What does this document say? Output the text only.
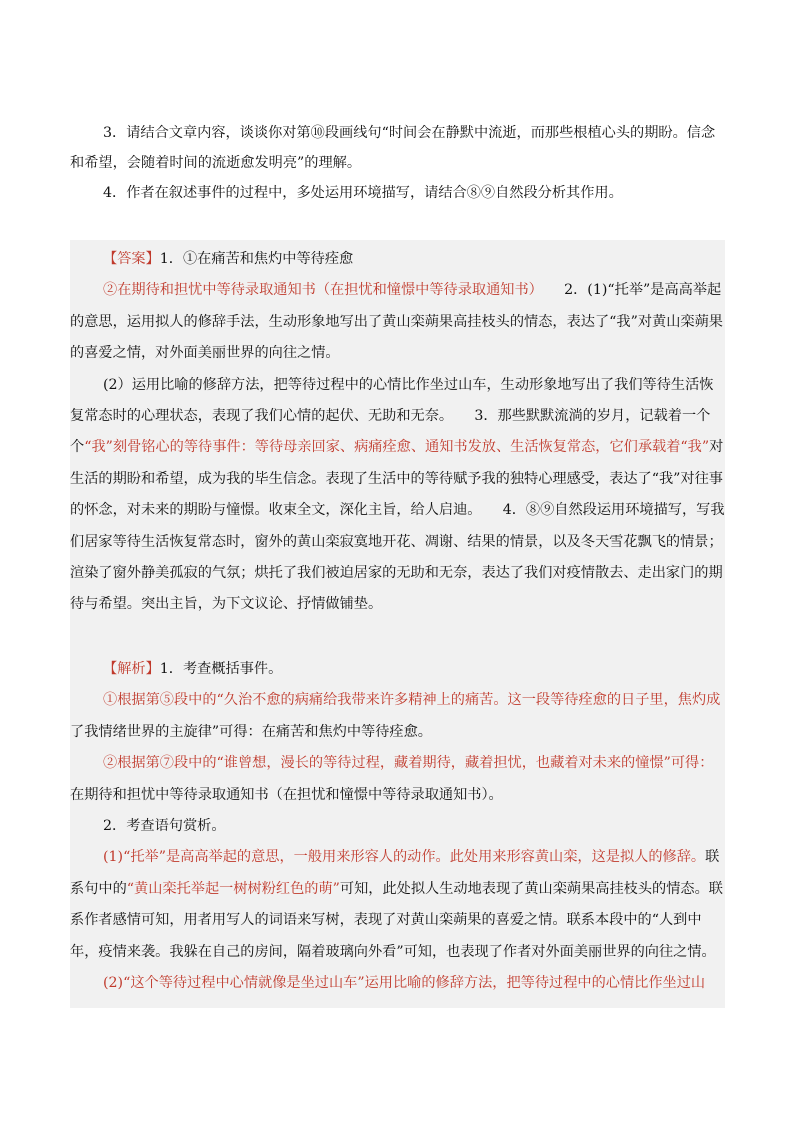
3．请结合文章内容，谈谈你对第⑩段画线句“时间会在静默中流逝，而那些根植心头的期盼。信念和希望，会随着时间的流逝愈发明亮”的理解。

4．作者在叙述事件的过程中，多处运用环境描写，请结合⑧⑨自然段分析其作用。

【答案】1．①在痛苦和焦灼中等待痊愈

②在期待和担忧中等待录取通知书（在担忧和憧憬中等待录取通知书）　　2．(1)“托举”是高高举起的意思，运用拟人的修辞手法，生动形象地写出了黄山栾蒴果高挂枝头的情态，表达了“我”对黄山栾蒴果的喜爱之情，对外面美丽世界的向往之情。

(2）运用比喻的修辞方法，把等待过程中的心情比作坐过山车，生动形象地写出了我们等待生活恢复常态时的心理状态，表现了我们心情的起伏、无助和无奈。　　3．那些默默流淌的岁月，记载着一个个“我”刻骨铭心的等待事件：等待母亲回家、病痛痊愈、通知书发放、生活恢复常态，它们承载着“我”对生活的期盼和希望，成为我的毕生信念。表现了生活中的等待赋予我的独特心理感受，表达了“我”对往事的怀念，对未来的期盼与憧憬。收束全文，深化主旨，给人启迪。　　4．⑧⑨自然段运用环境描写，写我们居家等待生活恢复常态时，窗外的黄山栾寂寞地开花、凋谢、结果的情景，以及冬天雪花飘飞的情景；渲染了窗外静美孤寂的气氛；烘托了我们被迫居家的无助和无奈，表达了我们对疫情散去、走出家门的期待与希望。突出主旨，为下文议论、抒情做铺垫。

【解析】1．考查概括事件。

①根据第⑤段中的“久治不愈的病痛给我带来许多精神上的痛苦。这一段等待痊愈的日子里，焦灼成了我情绪世界的主旋律”可得：在痛苦和焦灼中等待痊愈。

②根据第⑦段中的“谁曾想，漫长的等待过程，藏着期待，藏着担忧，也藏着对未来的憧憬”可得：在期待和担忧中等待录取通知书（在担忧和憧憬中等待录取通知书）。

2．考查语句赏析。

(1)“托举”是高高举起的意思，一般用来形容人的动作。此处用来形容黄山栾，这是拟人的修辞。联系句中的“黄山栾托举起一树树粉红色的萌”可知，此处拟人生动地表现了黄山栾蒴果高挂枝头的情态。联系作者感情可知，用者用写人的词语来写树，表现了对黄山栾蒴果的喜爱之情。联系本段中的“人到中年，疫情来袭。我躲在自己的房间，隔着玻璃向外看”可知，也表现了作者对外面美丽世界的向往之情。

(2)“这个等待过程中心情就像是坐过山车”运用比喻的修辞方法，把等待过程中的心情比作坐过山
